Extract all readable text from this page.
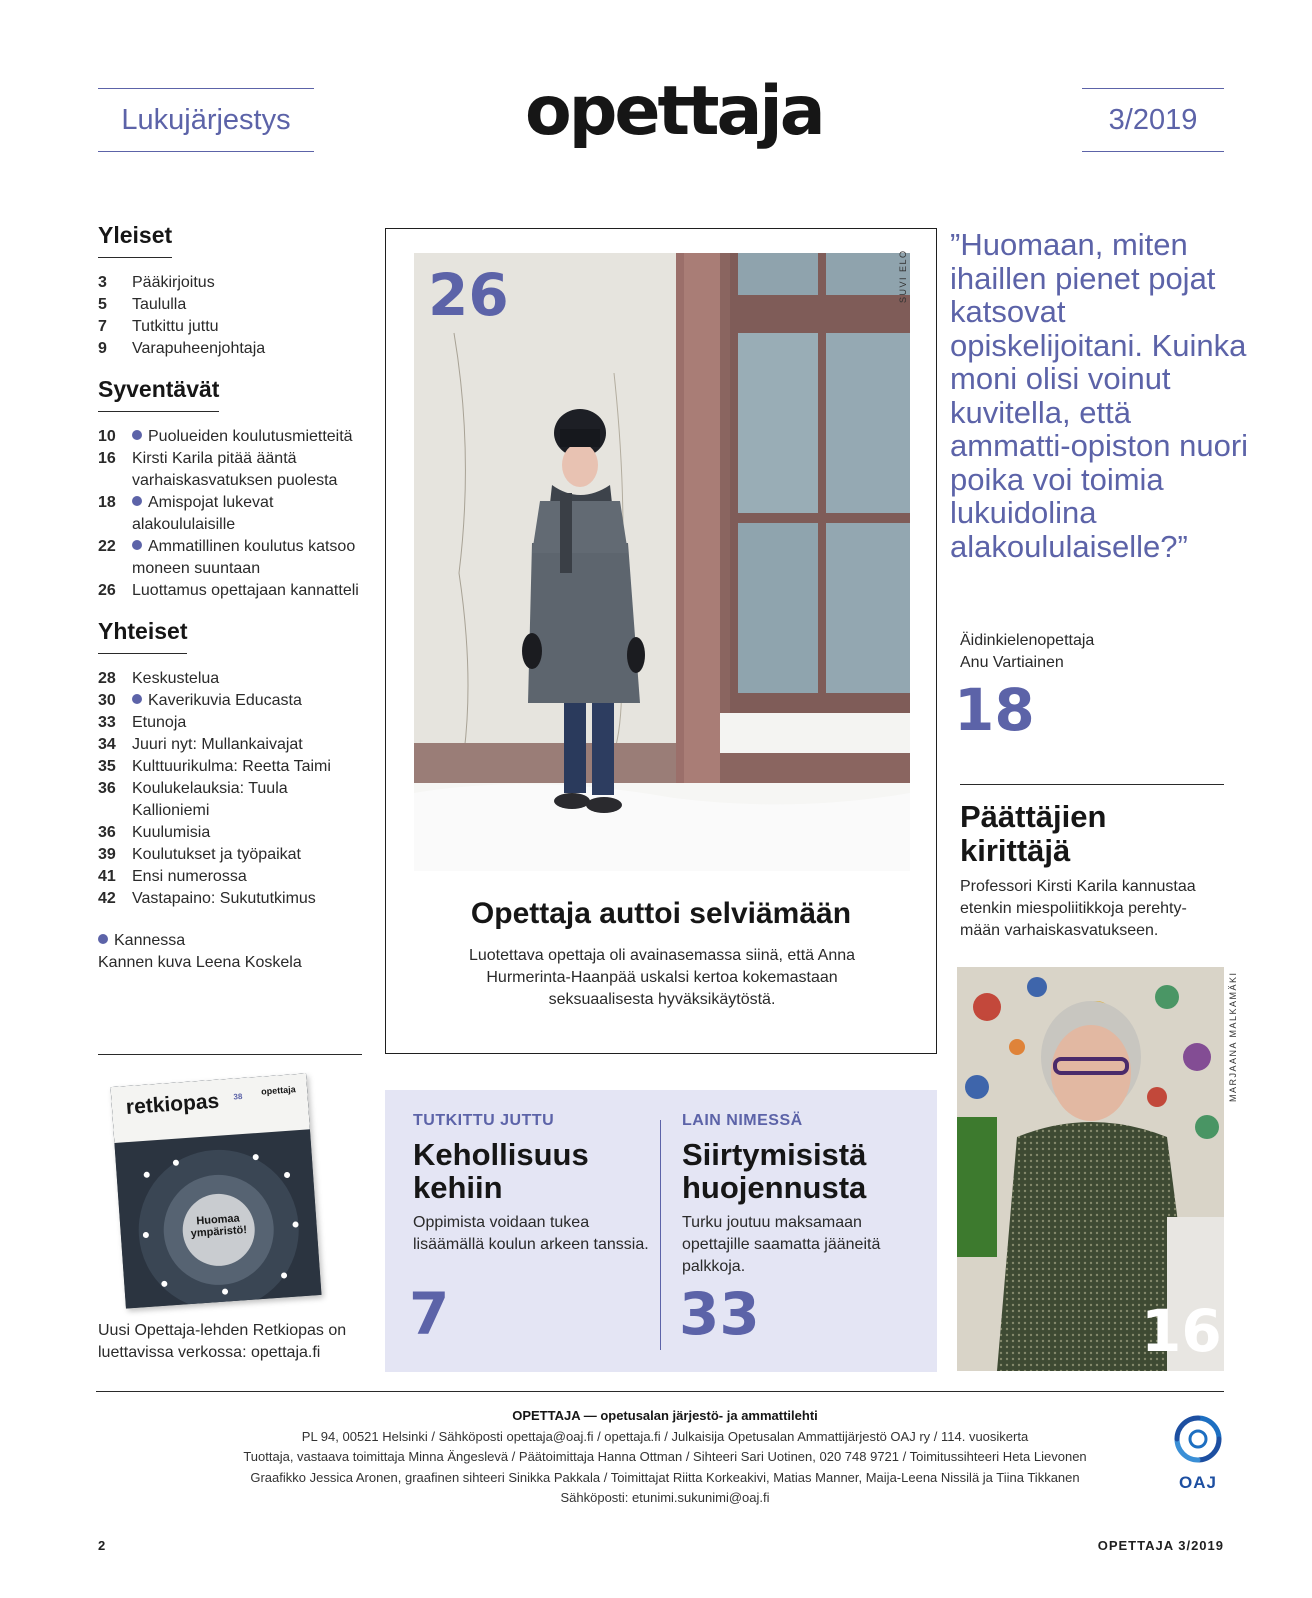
Lukujärjestys	opettaja	3/2019
Yleiset
3	Pääkirjoitus
5	Taululla
7	Tutkittu juttu
9	Varapuheenjohtaja
Syventävät
10	Puolueiden koulutusmietteitä
16	Kirsti Karila pitää ääntä varhaiskasvatuksen puolesta
18	Amispojat lukevat alakoululaisille
22	Ammatillinen koulutus katsoo moneen suuntaan
26	Luottamus opettajaan kannatteli
Yhteiset
28	Keskustelua
30	Kaverikuvia Educasta
33	Etunoja
34	Juuri nyt: Mullankaivajat
35	Kulttuurikulma: Reetta Taimi
36	Koulukelauksia: Tuula Kallioniemi
36	Kuulumisia
39	Koulutukset ja työpaikat
41	Ensi numerossa
42	Vastapaino: Sukututkimus
Kannessa
Kannen kuva Leena Koskela
26	SUVI ELO
Opettaja auttoi selviämään
Luotettava opettaja oli avainasemassa siinä, että Anna Hurmerinta-Haanpää uskalsi kertoa kokemastaan seksuaalisesta hyväksikäytöstä.
”Huomaan, miten ihaillen pienet pojat katsovat opiskelijoitani. Kuinka moni olisi voinut kuvitella, että ammatti-opiston nuori poika voi toimia lukuidolina alakoululaiselle?”
Äidinkielenopettaja
Anu Vartiainen
18
Päättäjien kirittäjä
Professori Kirsti Karila kannustaa etenkin miespoliitikkoja perehty-mään varhaiskasvatukseen.
16
MARJAANA MALKAMÄKI
retkiopas 38
opettaja
Huomaa ympäristö!
Uusi Opettaja-lehden Retkiopas on luettavissa verkossa: opettaja.fi
TUTKITTU JUTTU
Kehollisuus kehiin
Oppimista voidaan tukea lisäämällä koulun arkeen tanssia.
7
LAIN NIMESSÄ
Siirtymisistä huojennusta
Turku joutuu maksamaan opettajille saamatta jääneitä palkkoja.
33
OPETTAJA — opetusalan järjestö- ja ammattilehti
PL 94, 00521 Helsinki / Sähköposti opettaja@oaj.fi / opettaja.fi / Julkaisija Opetusalan Ammattijärjestö OAJ ry / 114. vuosikerta
Tuottaja, vastaava toimittaja Minna Ängeslevä / Päätoimittaja Hanna Ottman / Sihteeri Sari Uotinen, 020 748 9721 / Toimitussihteeri Heta Lievonen
Graafikko Jessica Aronen, graafinen sihteeri Sinikka Pakkala / Toimittajat Riitta Korkeakivi, Matias Manner, Maija-Leena Nissilä ja Tiina Tikkanen
Sähköposti: etunimi.sukunimi@oaj.fi
OAJ
2	OPETTAJA 3/2019
